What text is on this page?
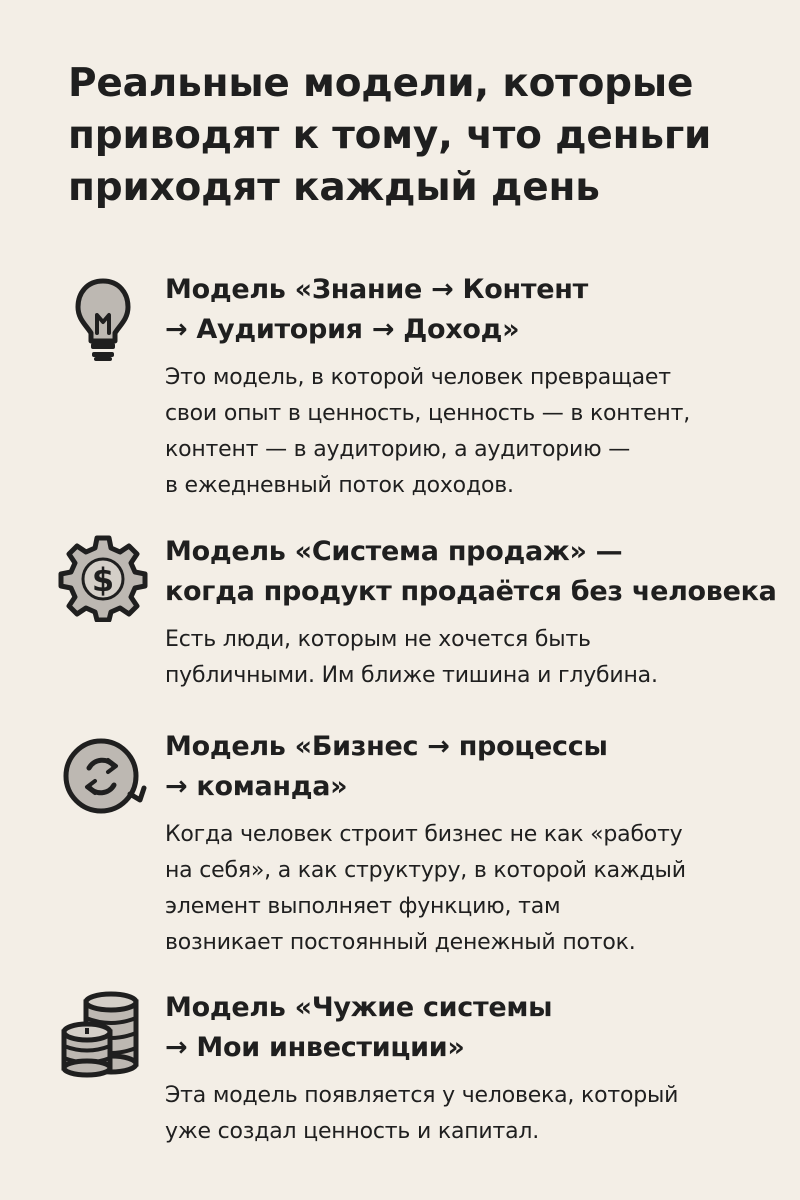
Реальные модели, которые приводят к тому, что деньги приходят каждый день
Модель «Знание → Контент
→ Аудитория → Доход»

Это модель, в которой человек превращает
свои опыт в ценность, ценность — в контент,
контент — в аудиторию, а аудиторию —
в ежедневный поток доходов.

$
Модель «Система продаж» —
когда продукт продаётся без человека

Есть люди, которым не хочется быть
публичными. Им ближе тишина и глубина.

Модель «Бизнес → процессы
→ команда»

Когда человек строит бизнес не как «работу
на себя», а как структуру, в которой каждый
элемент выполняет функцию, там
возникает постоянный денежный поток.

Модель «Чужие системы
→ Мои инвестиции»

Эта модель появляется у человека, который
уже создал ценность и капитал.
